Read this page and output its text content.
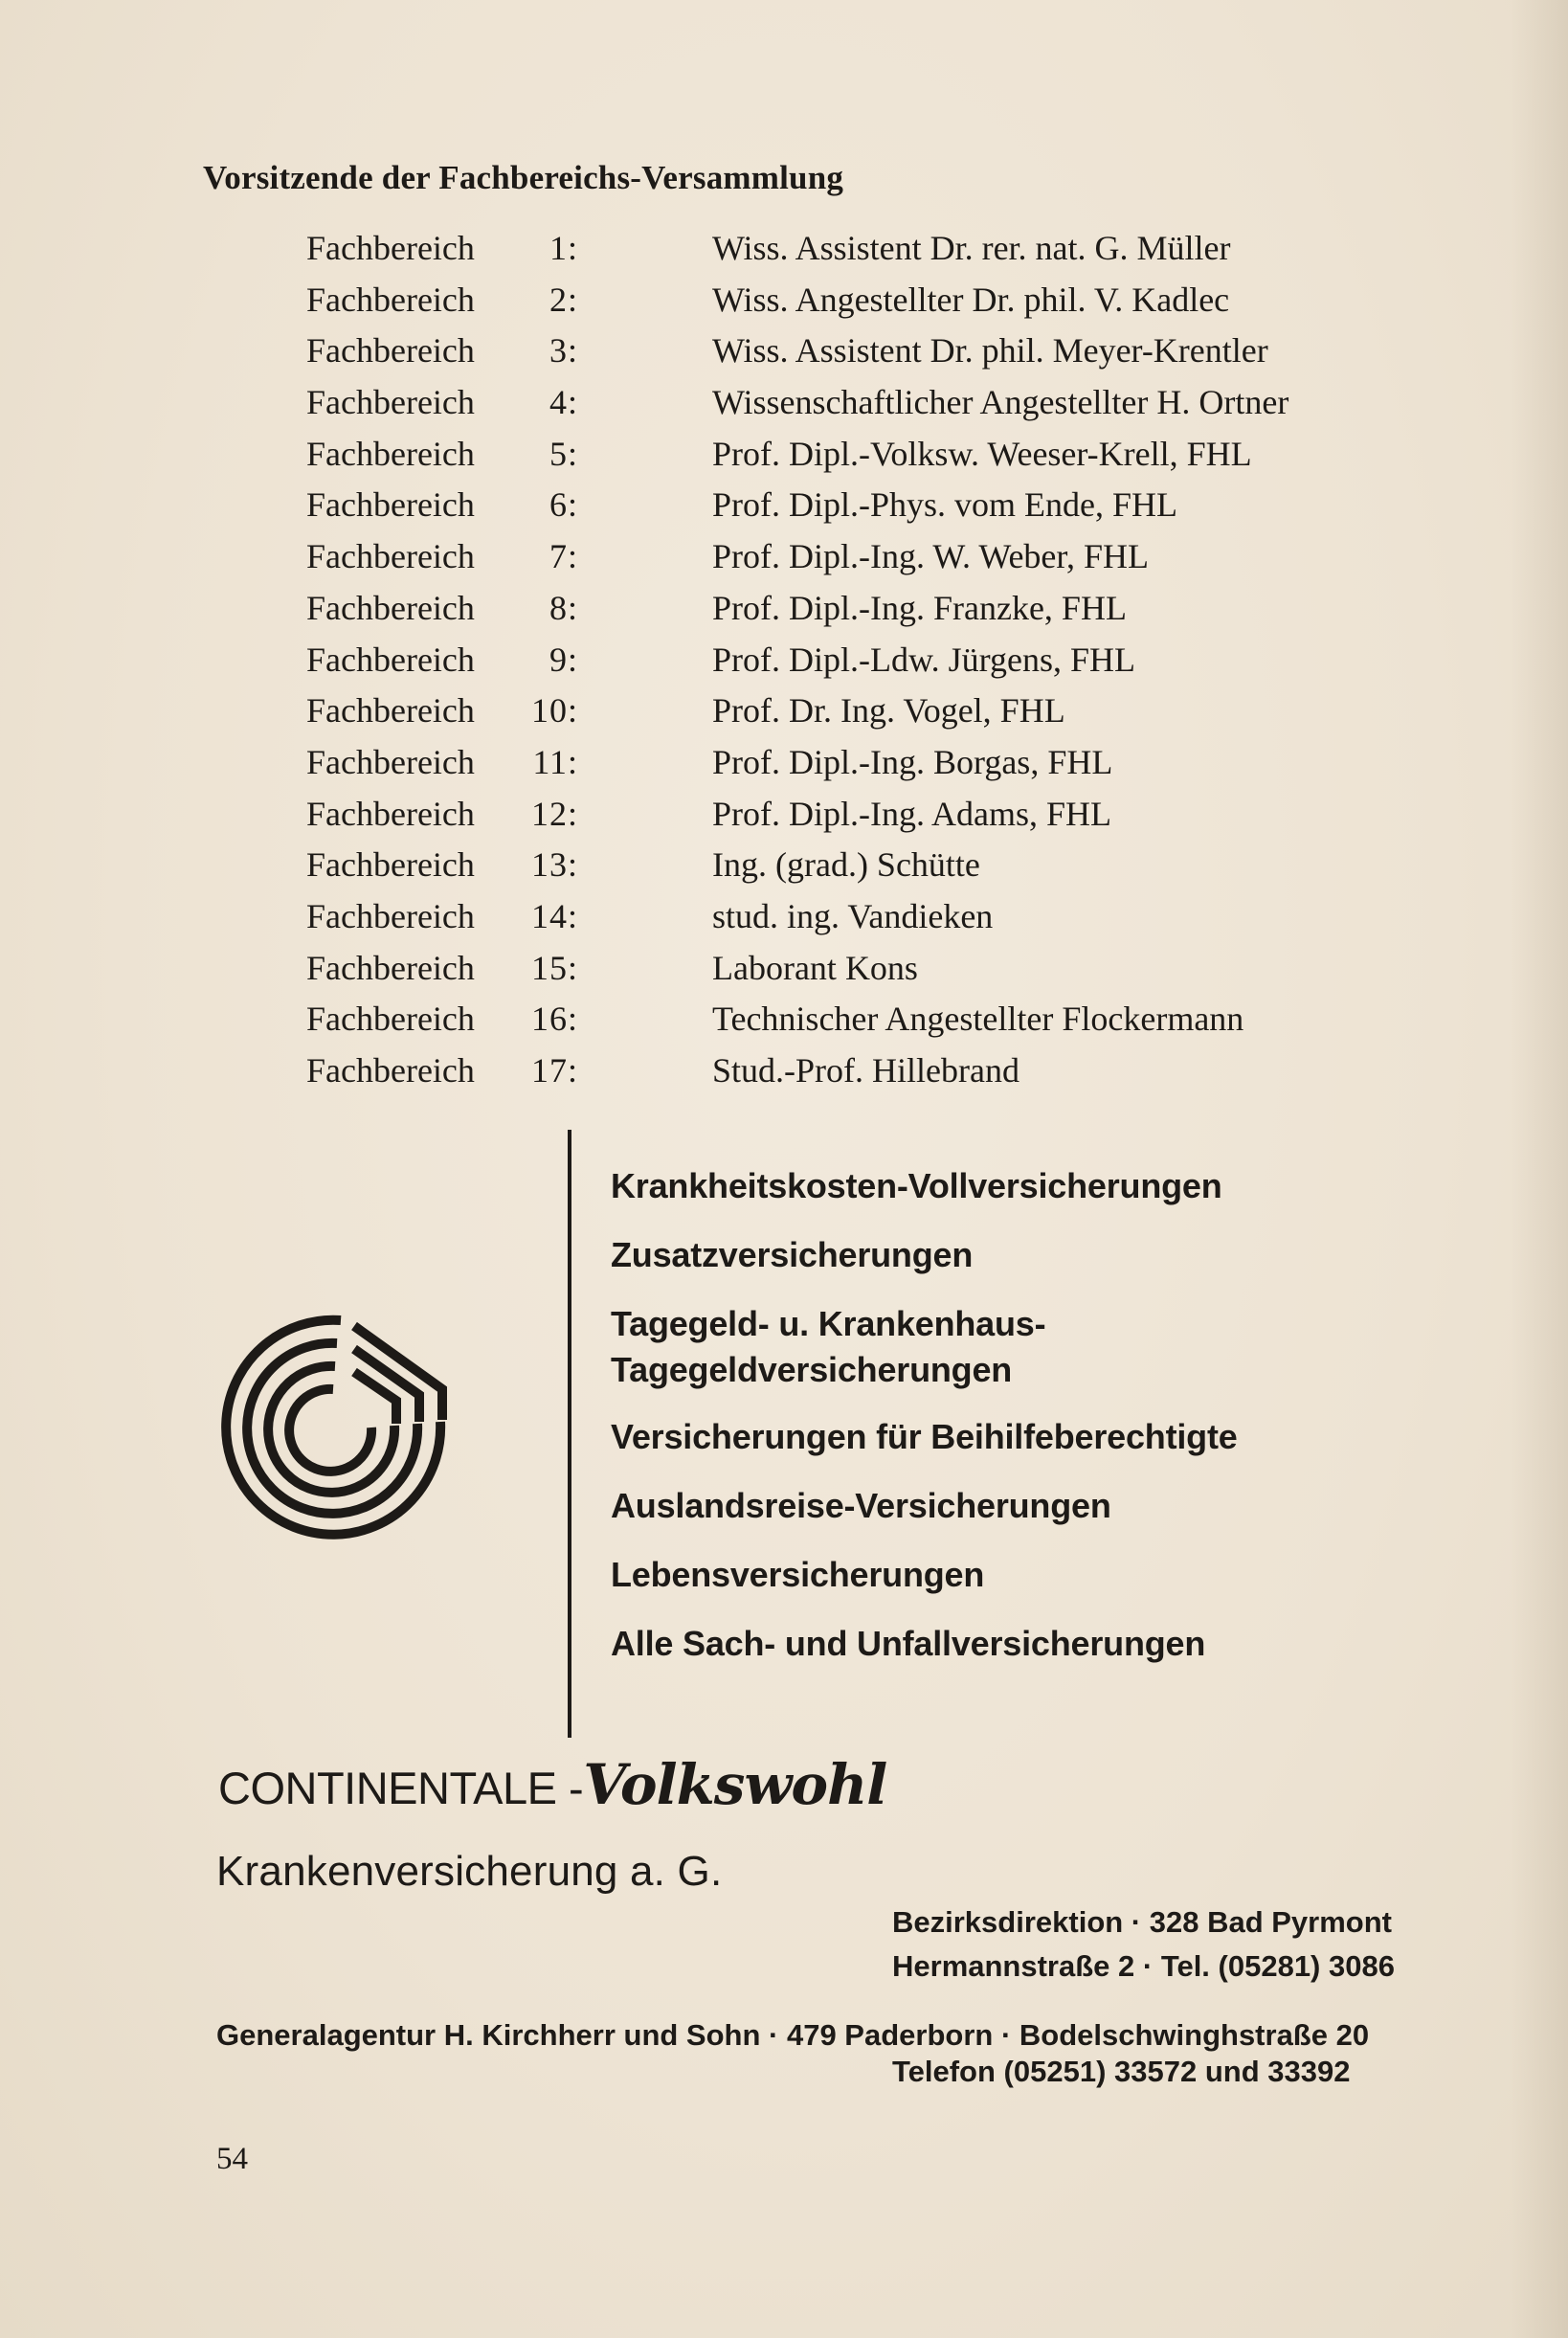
Vorsitzende der Fachbereichs-Versammlung
Fachbereich	1:	Wiss. Assistent Dr. rer. nat. G. Müller
Fachbereich	2:	Wiss. Angestellter Dr. phil. V. Kadlec
Fachbereich	3:	Wiss. Assistent Dr. phil. Meyer-Krentler
Fachbereich	4:	Wissenschaftlicher Angestellter H. Ortner
Fachbereich	5:	Prof. Dipl.-Volksw. Weeser-Krell, FHL
Fachbereich	6:	Prof. Dipl.-Phys. vom Ende, FHL
Fachbereich	7:	Prof. Dipl.-Ing. W. Weber, FHL
Fachbereich	8:	Prof. Dipl.-Ing. Franzke, FHL
Fachbereich	9:	Prof. Dipl.-Ldw. Jürgens, FHL
Fachbereich	10:	Prof. Dr. Ing. Vogel, FHL
Fachbereich	11:	Prof. Dipl.-Ing. Borgas, FHL
Fachbereich	12:	Prof. Dipl.-Ing. Adams, FHL
Fachbereich	13:	Ing. (grad.) Schütte
Fachbereich	14:	stud. ing. Vandieken
Fachbereich	15:	Laborant Kons
Fachbereich	16:	Technischer Angestellter Flockermann
Fachbereich	17:	Stud.-Prof. Hillebrand
Krankheitskosten-Vollversicherungen
Zusatzversicherungen
Tagegeld- u. Krankenhaus-
Tagegeldversicherungen
Versicherungen für Beihilfeberechtigte
Auslandsreise-Versicherungen
Lebensversicherungen
Alle Sach- und Unfallversicherungen
CONTINENTALE -Volkswohl
Krankenversicherung a. G.
Bezirksdirektion · 328 Bad Pyrmont
Hermannstraße 2 · Tel. (05281) 3086
Generalagentur H. Kirchherr und Sohn · 479 Paderborn · Bodelschwinghstraße 20
Telefon (05251) 33572 und 33392
54
